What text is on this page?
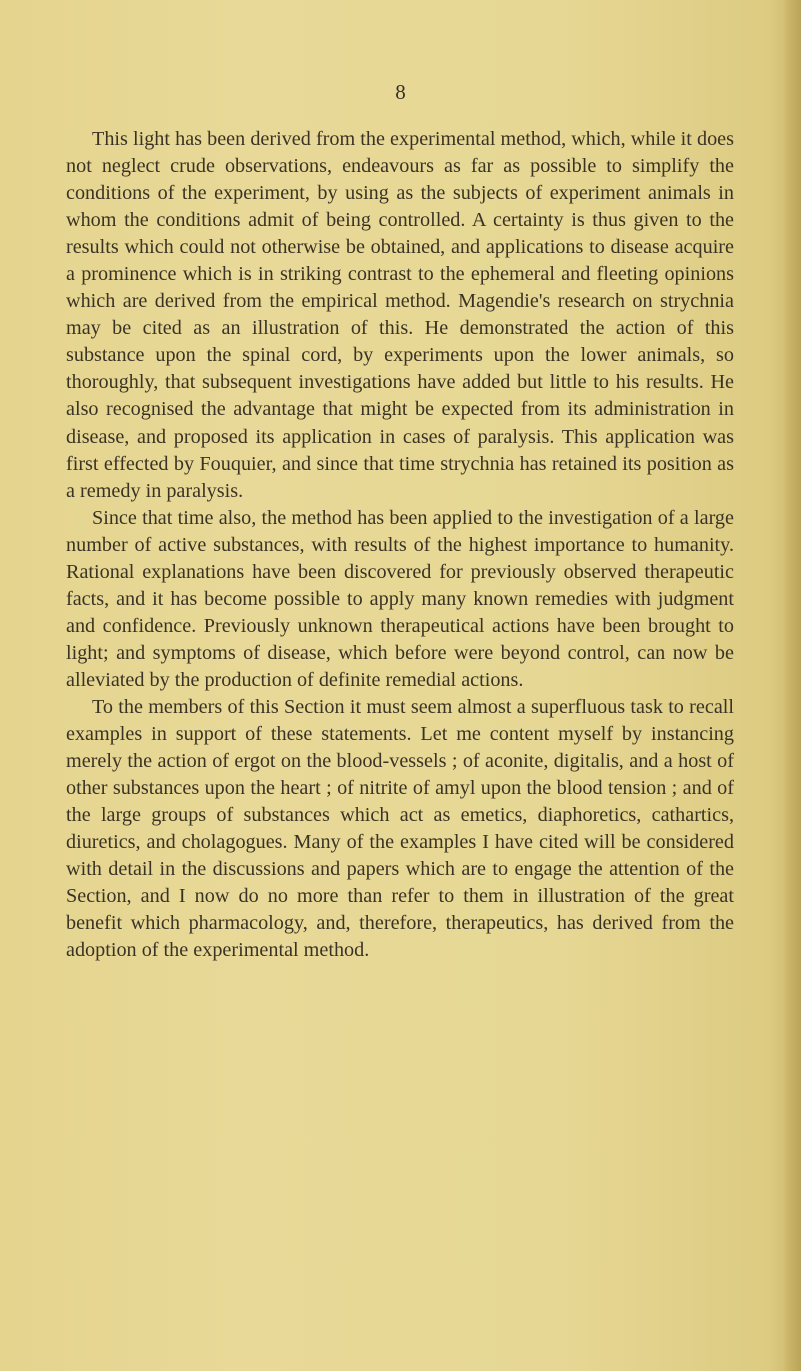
8

This light has been derived from the experimental method, which, while it does not neglect crude observations, endeavours as far as possible to simplify the conditions of the experiment, by using as the subjects of experiment animals in whom the conditions admit of being controlled. A certainty is thus given to the results which could not otherwise be obtained, and applications to disease acquire a prominence which is in striking contrast to the ephemeral and fleeting opinions which are derived from the empirical method. Magendie's research on strychnia may be cited as an illustration of this. He demonstrated the action of this substance upon the spinal cord, by experiments upon the lower animals, so thoroughly, that subsequent investigations have added but little to his results. He also recognised the advantage that might be expected from its administration in disease, and proposed its application in cases of paralysis. This application was first effected by Fouquier, and since that time strychnia has retained its position as a remedy in paralysis.

Since that time also, the method has been applied to the investigation of a large number of active substances, with results of the highest importance to humanity. Rational explanations have been discovered for previously observed therapeutic facts, and it has become possible to apply many known remedies with judgment and confidence. Previously unknown therapeutical actions have been brought to light; and symptoms of disease, which before were beyond control, can now be alleviated by the production of definite remedial actions.

To the members of this Section it must seem almost a superfluous task to recall examples in support of these statements. Let me content myself by instancing merely the action of ergot on the blood-vessels ; of aconite, digitalis, and a host of other substances upon the heart ; of nitrite of amyl upon the blood tension ; and of the large groups of substances which act as emetics, diaphoretics, cathartics, diuretics, and cholagogues. Many of the examples I have cited will be considered with detail in the discussions and papers which are to engage the attention of the Section, and I now do no more than refer to them in illustration of the great benefit which pharmacology, and, therefore, therapeutics, has derived from the adoption of the experimental method.
